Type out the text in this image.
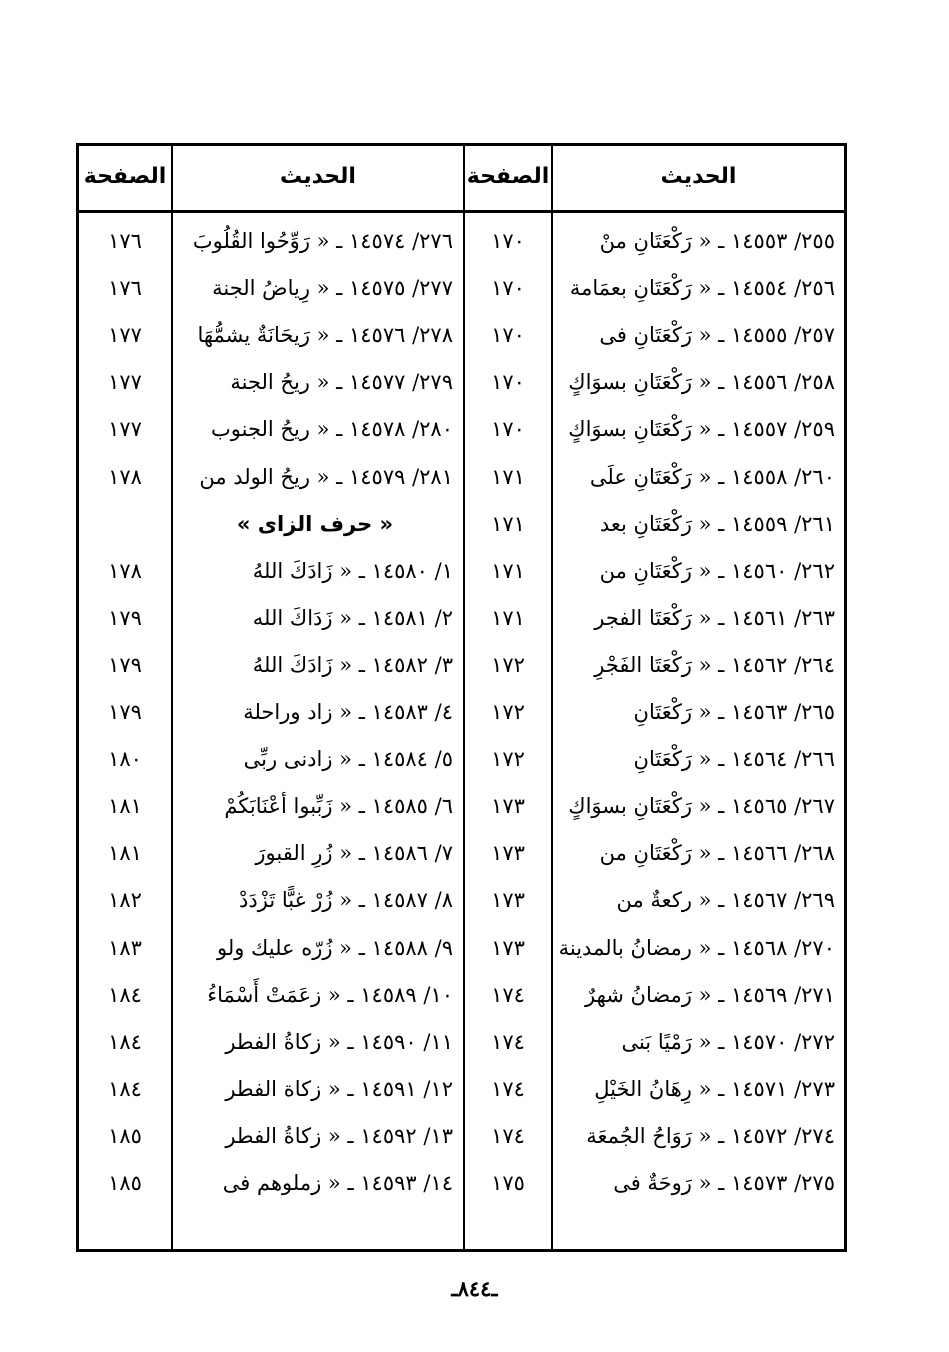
الحديث
الصفحة
الحديث
الصفحة
٢٥٥/ ١٤٥٥٣ ـ « رَكْعَتَانِ منْ
١٧٠
٢٥٦/ ١٤٥٥٤ ـ « رَكْعَتَانِ بعمَامة
١٧٠
٢٥٧/ ١٤٥٥٥ ـ « رَكْعَتَانِ فى
١٧٠
٢٥٨/ ١٤٥٥٦ ـ « رَكْعَتَانِ بسوَاكٍ
١٧٠
٢٥٩/ ١٤٥٥٧ ـ « رَكْعَتَانِ بسوَاكٍ
١٧٠
٢٦٠/ ١٤٥٥٨ ـ « رَكْعَتَانِ علَى
١٧١
٢٦١/ ١٤٥٥٩ ـ « رَكْعَتَانِ بعد
١٧١
٢٦٢/ ١٤٥٦٠ ـ « رَكْعَتَانِ من
١٧١
٢٦٣/ ١٤٥٦١ ـ « رَكْعَتَا الفجر
١٧١
٢٦٤/ ١٤٥٦٢ ـ « رَكْعَتَا الفَجْرِ
١٧٢
٢٦٥/ ١٤٥٦٣ ـ « رَكْعَتَانِ
١٧٢
٢٦٦/ ١٤٥٦٤ ـ « رَكْعَتَانِ
١٧٢
٢٦٧/ ١٤٥٦٥ ـ « رَكْعَتَانِ بسوَاكٍ
١٧٣
٢٦٨/ ١٤٥٦٦ ـ « رَكْعَتَانِ من
١٧٣
٢٦٩/ ١٤٥٦٧ ـ « ركعةٌ من
١٧٣
٢٧٠/ ١٤٥٦٨ ـ « رمضانُ بالمدينة
١٧٣
٢٧١/ ١٤٥٦٩ ـ « رَمضانُ شهرٌ
١٧٤
٢٧٢/ ١٤٥٧٠ ـ « رَمْيًا بَنى
١٧٤
٢٧٣/ ١٤٥٧١ ـ « رِهَانُ الخَيْلِ
١٧٤
٢٧٤/ ١٤٥٧٢ ـ « رَوَاحُ الجُمعَة
١٧٤
٢٧٥/ ١٤٥٧٣ ـ « رَوحَةٌ فى
١٧٥
٢٧٦/ ١٤٥٧٤ ـ « رَوِّحُوا القُلُوبَ
١٧٦
٢٧٧/ ١٤٥٧٥ ـ « رِياضُ الجنة
١٧٦
٢٧٨/ ١٤٥٧٦ ـ « رَيحَانَةٌ يشمُّهَا
١٧٧
٢٧٩/ ١٤٥٧٧ ـ « ريحُ الجنة
١٧٧
٢٨٠/ ١٤٥٧٨ ـ « ريحُ الجنوب
١٧٧
٢٨١/ ١٤٥٧٩ ـ « ريحُ الولد من
١٧٨
« حرف الزاى »
١/ ١٤٥٨٠ ـ « زَادَكَ اللهُ
١٧٨
٢/ ١٤٥٨١ ـ « زَدَاكَ الله
١٧٩
٣/ ١٤٥٨٢ ـ « زَادَكَ اللهُ
١٧٩
٤/ ١٤٥٨٣ ـ « زاد وراحلة
١٧٩
٥/ ١٤٥٨٤ ـ « زادنى ربِّى
١٨٠
٦/ ١٤٥٨٥ ـ « زَبِّبوا أعْنَابَكُمْ
١٨١
٧/ ١٤٥٨٦ ـ « زُرِ القبورَ
١٨١
٨/ ١٤٥٨٧ ـ « زُرْ غبًّا تَزْدَدْ
١٨٢
٩/ ١٤٥٨٨ ـ « زُرّه عليك ولو
١٨٣
١٠/ ١٤٥٨٩ ـ « زعَمَتْ أَسْمَاءُ
١٨٤
١١/ ١٤٥٩٠ ـ « زكاةُ الفطر
١٨٤
١٢/ ١٤٥٩١ ـ « زكاة الفطر
١٨٤
١٣/ ١٤٥٩٢ ـ « زكاةُ الفطر
١٨٥
١٤/ ١٤٥٩٣ ـ « زملوهم فى
١٨٥
ـ٨٤٤ـ
